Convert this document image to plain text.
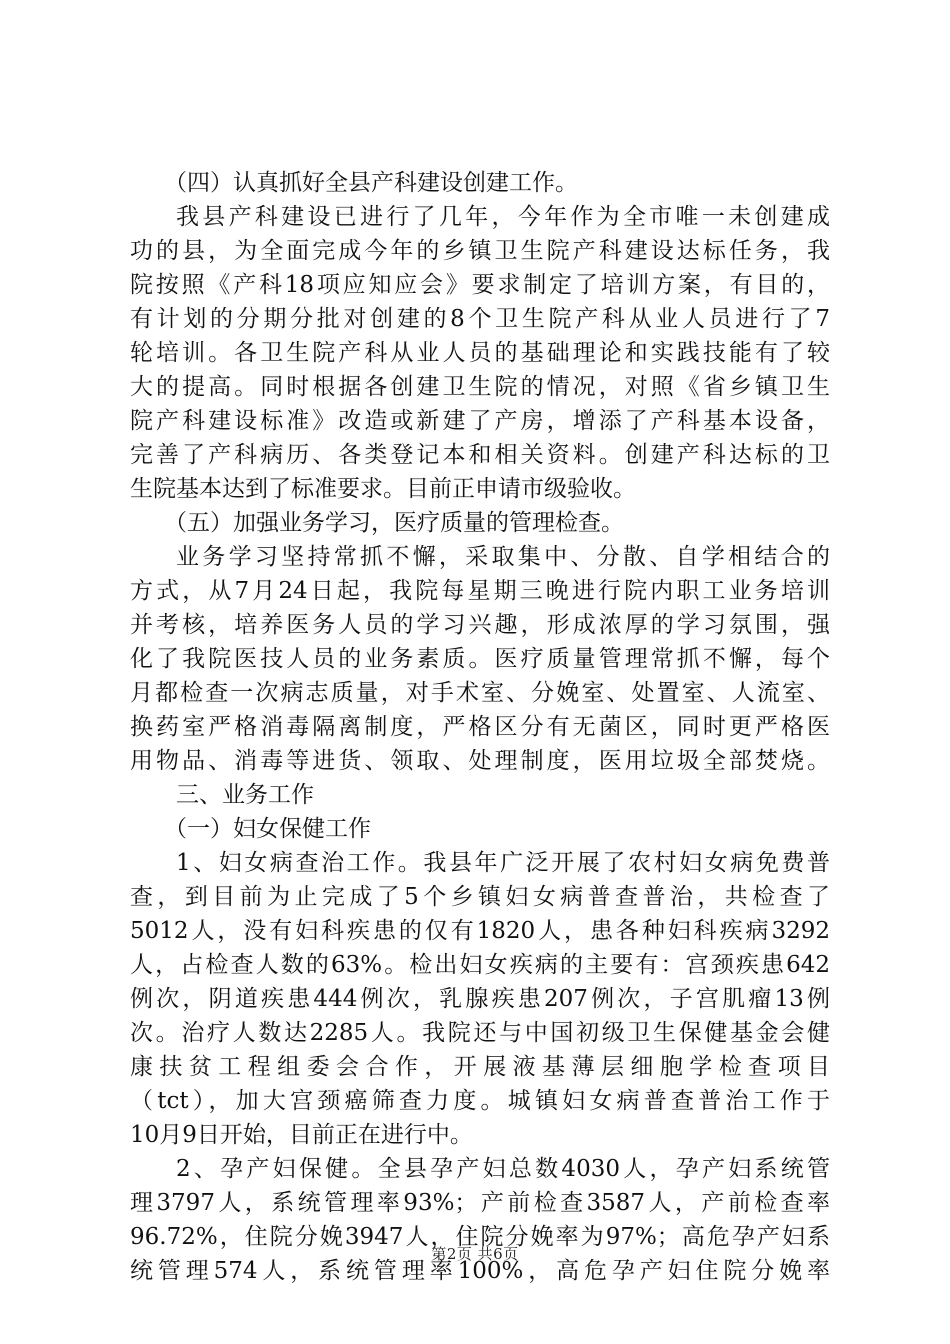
（四）认真抓好全县产科建设创建工作。
我县产科建设已进行了几年，今年作为全市唯一未创建成
功的县，为全面完成今年的乡镇卫生院产科建设达标任务，我
院按照《产科18项应知应会》要求制定了培训方案，有目的，
有计划的分期分批对创建的8个卫生院产科从业人员进行了7
轮培训。各卫生院产科从业人员的基础理论和实践技能有了较
大的提高。同时根据各创建卫生院的情况，对照《省乡镇卫生
院产科建设标准》改造或新建了产房，增添了产科基本设备，
完善了产科病历、各类登记本和相关资料。创建产科达标的卫
生院基本达到了标准要求。目前正申请市级验收。
（五）加强业务学习，医疗质量的管理检查。
业务学习坚持常抓不懈，采取集中、分散、自学相结合的
方式，从7月24日起，我院每星期三晚进行院内职工业务培训
并考核，培养医务人员的学习兴趣，形成浓厚的学习氛围，强
化了我院医技人员的业务素质。医疗质量管理常抓不懈，每个
月都检查一次病志质量，对手术室、分娩室、处置室、人流室、
换药室严格消毒隔离制度，严格区分有无菌区，同时更严格医
用物品、消毒等进货、领取、处理制度，医用垃圾全部焚烧。
三、业务工作
（一）妇女保健工作
1、妇女病查治工作。我县年广泛开展了农村妇女病免费普
查，到目前为止完成了5个乡镇妇女病普查普治，共检查了
5012人，没有妇科疾患的仅有1820人，患各种妇科疾病3292
人，占检查人数的63%。检出妇女疾病的主要有：宫颈疾患642
例次，阴道疾患444例次，乳腺疾患207例次，子宫肌瘤13例
次。治疗人数达2285人。我院还与中国初级卫生保健基金会健
康扶贫工程组委会合作，开展液基薄层细胞学检查项目
（tct），加大宫颈癌筛查力度。城镇妇女病普查普治工作于
10月9日开始，目前正在进行中。
2、孕产妇保健。全县孕产妇总数4030人，孕产妇系统管
理3797人，系统管理率93%；产前检查3587人，产前检查率
96.72%，住院分娩3947人，住院分娩率为97%；高危孕产妇系
统管理574人，系统管理率100%，高危孕产妇住院分娩率
第2页 共6页
